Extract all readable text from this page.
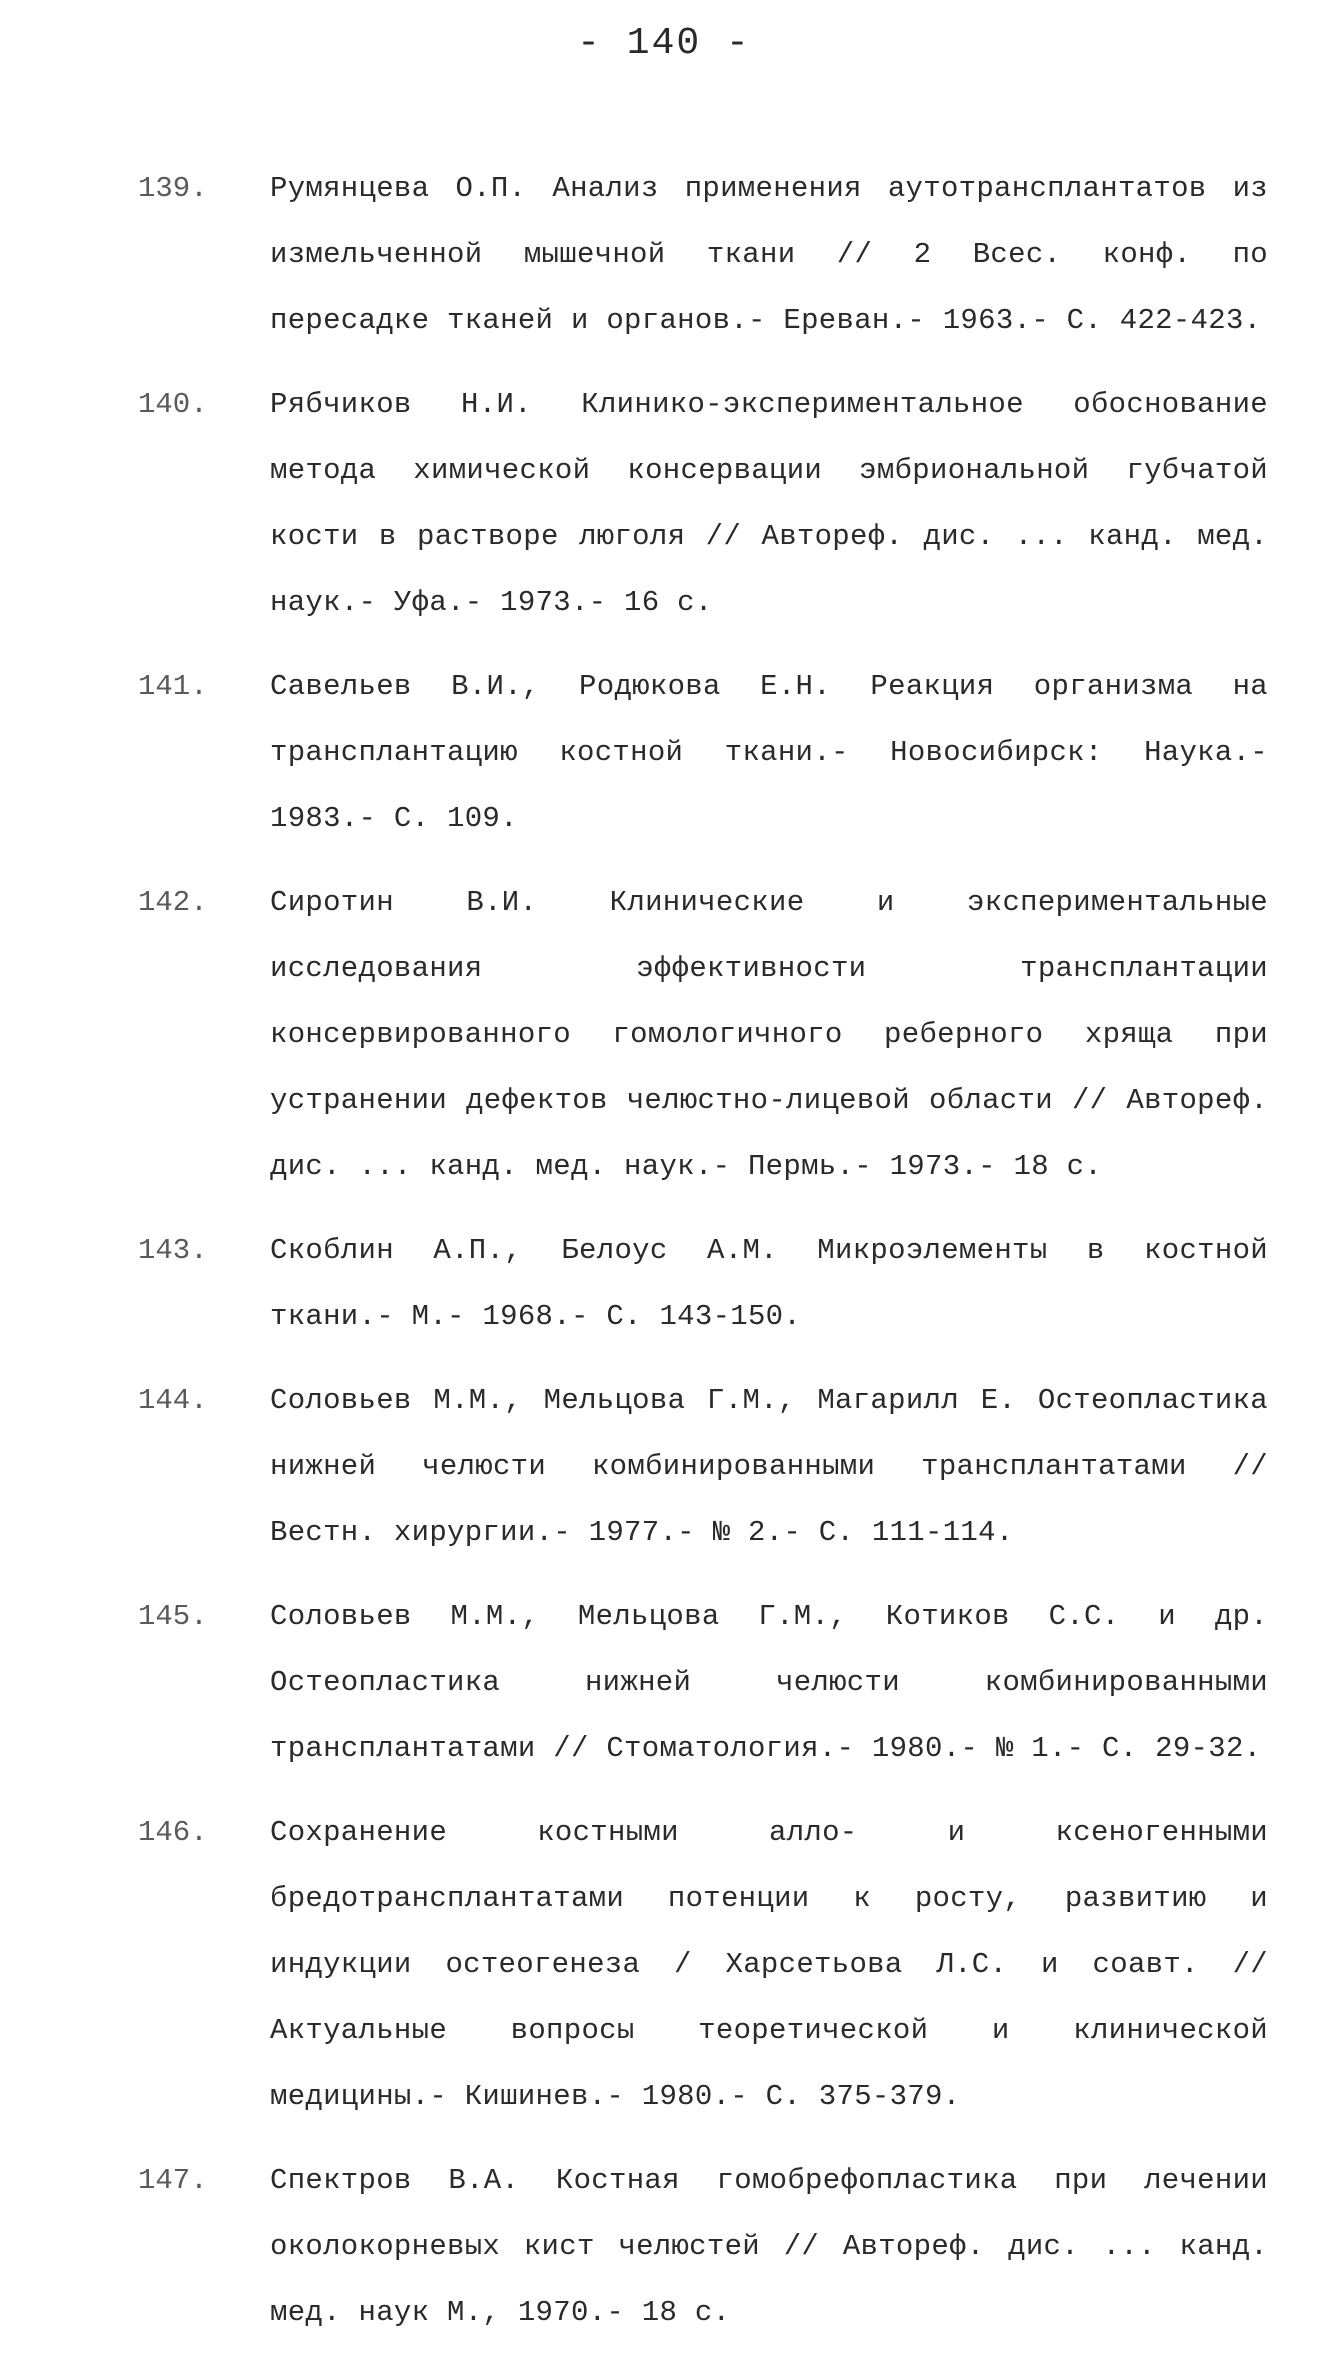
- 140 -
139.	Румянцева О.П. Анализ применения аутотрансплантатов из измельченной мышечной ткани // 2 Всес. конф. по пересадке тканей и органов.- Ереван.- 1963.- С. 422-423.
140.	Рябчиков Н.И. Клинико-экспериментальное обоснование метода химической консервации эмбриональной губчатой кости в растворе люголя // Автореф. дис. ... канд. мед. наук.- Уфа.- 1973.- 16 с.
141.	Савельев В.И., Родюкова Е.Н. Реакция организма на трансплантацию костной ткани.- Новосибирск: Наука.- 1983.- С. 109.
142.	Сиротин В.И. Клинические и экспериментальные исследования эффективности трансплантации консервированного гомологичного реберного хряща при устранении дефектов челюстно-лицевой области // Автореф. дис. ... канд. мед. наук.- Пермь.- 1973.- 18 с.
143.	Скоблин А.П., Белоус А.М. Микроэлементы в костной ткани.- М.- 1968.- С. 143-150.
144.	Соловьев М.М., Мельцова Г.М., Магарилл Е. Остеопластика нижней челюсти комбинированными трансплантатами // Вестн. хирургии.- 1977.- № 2.- С. 111-114.
145.	Соловьев М.М., Мельцова Г.М., Котиков С.С. и др. Остеопластика нижней челюсти комбинированными трансплантатами // Стоматология.- 1980.- № 1.- С. 29-32.
146.	Сохранение костными алло- и ксеногенными бредотрансплантатами потенции к росту, развитию и индукции остеогенеза / Харсетьова Л.С. и соавт. // Актуальные вопросы теоретической и клинической медицины.- Кишинев.- 1980.- С. 375-379.
147.	Спектров В.А. Костная гомобрефопластика при лечении околокорневых кист челюстей // Автореф. дис. ... канд. мед. наук М., 1970.- 18 с.
